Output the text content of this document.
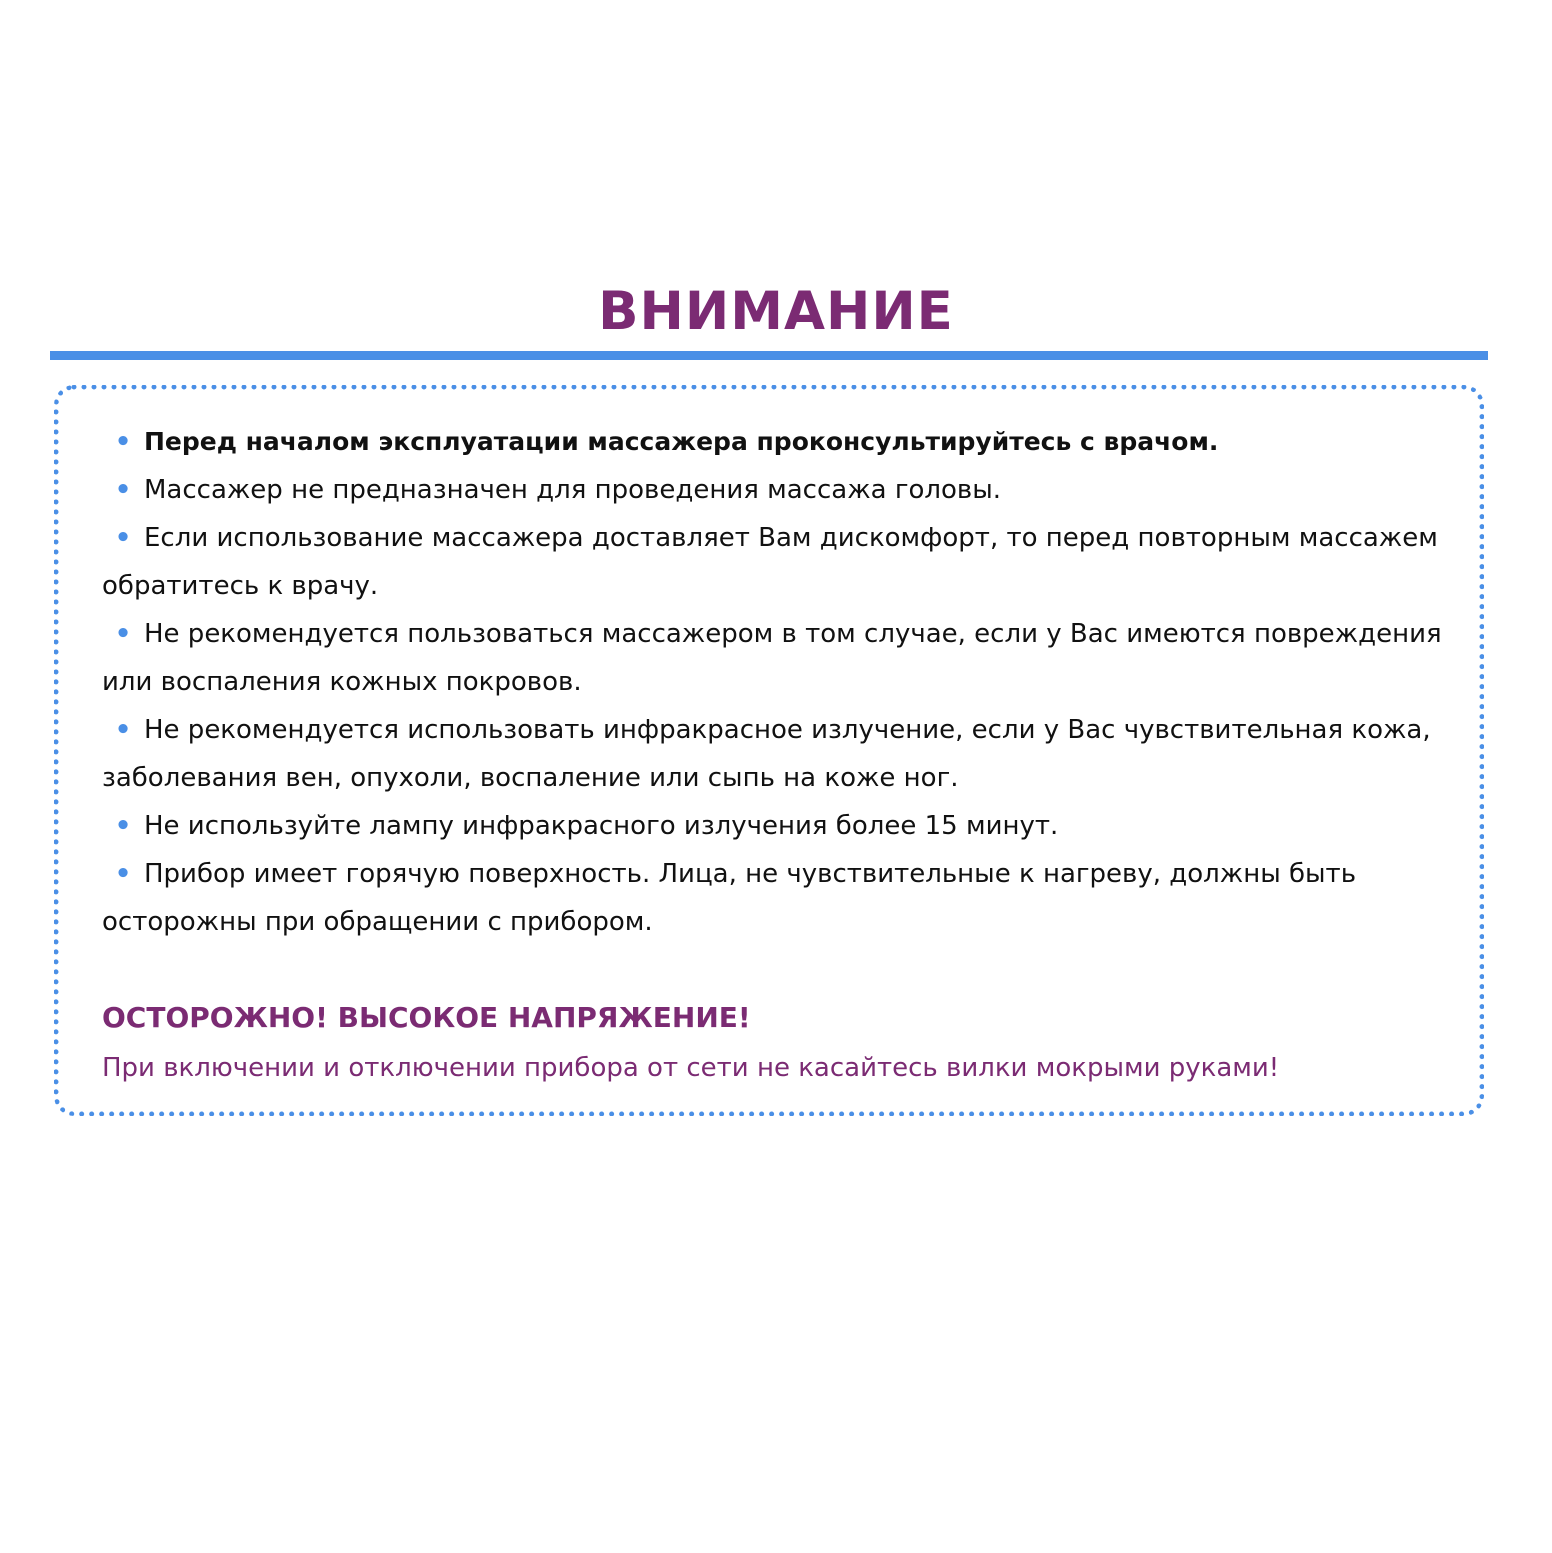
ВНИМАНИЕ

• Перед началом эксплуатации массажера проконсультируйтесь с врачом.

• Массажер не предназначен для проведения массажа головы.

• Если использование массажера доставляет Вам дискомфорт, то перед повторным массажем обратитесь к врачу.

• Не рекомендуется пользоваться массажером в том случае, если у Вас имеются повреждения или воспаления кожных покровов.

• Не рекомендуется использовать инфракрасное излучение, если у Вас чувствительная кожа, заболевания вен, опухоли, воспаление или сыпь на коже ног.

• Не используйте лампу инфракрасного излучения более 15 минут.

• Прибор имеет горячую поверхность. Лица, не чувствительные к нагреву, должны быть осторожны при обращении с прибором.

ОСТОРОЖНО! ВЫСОКОЕ НАПРЯЖЕНИЕ!
При включении и отключении прибора от сети не касайтесь вилки мокрыми руками!
